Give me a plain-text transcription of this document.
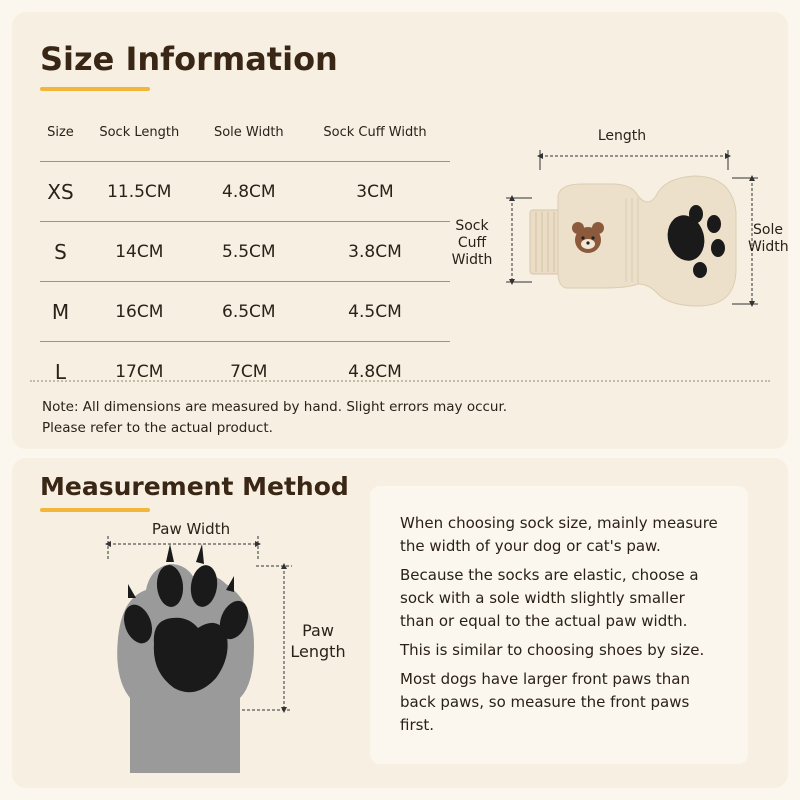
Size Information
Size	Sock Length	Sole Width	Sock Cuff Width
XS	11.5CM	4.8CM	3CM
S	14CM	5.5CM	3.8CM
M	16CM	6.5CM	4.5CM
L	17CM	7CM	4.8CM
Length
Sock
Cuff
Width
Sole
Width
Note: All dimensions are measured by hand. Slight errors may occur.
Please refer to the actual product.
Measurement Method
Paw Width
Paw
Length

When choosing sock size, mainly measure the width of your dog or cat's paw.

Because the socks are elastic, choose a sock with a sole width slightly smaller than or equal to the actual paw width.

This is similar to choosing shoes by size.

Most dogs have larger front paws than back paws, so measure the front paws first.
